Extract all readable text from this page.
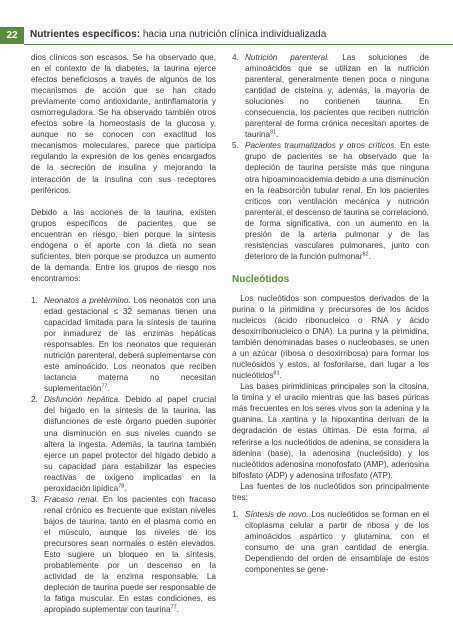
22	Nutrientes específicos: hacia una nutrición clínica individualizada

dios clínicos son escasos. Se ha observado que, en el contexto de la diabetes, la taurina ejerce efectos beneficiosos a través de algunos de los mecanismos de acción que se han citado previamente como antioxidante, antinflamatoria y osmorreguladora. Se ha observado también otros efectos sobre la homeostasis de la glucosa y, aunque no se conocen con exactitud los mecanismos moleculares, parece que participa regulando la expresión de los genes encargados de la secreción de insulina y mejorando la interacción de la insulina con sus receptores periféricos.

Debido a las acciones de la taurina, existen grupos específicos de pacientes que se encuentran en riesgo, bien porque la síntesis endógena o el aporte con la dieta no sean suficientes, bien porque se produzca un aumento de la demanda. Entre los grupos de riesgo nos encontramos:

1. Neonatos a pretérmino. Los neonatos con una edad gestacional ≤ 32 semanas tienen una capacidad limitada para la síntesis de taurina por inmadurez de las enzimas hepáticas responsables. En los neonatos que requieran nutrición parenteral, deberá suplementarse con este aminoácido. Los neonatos que reciben lactancia materna no necesitan suplementación$^{77}$.
2. Disfunción hepática. Debido al papel crucial del hígado en la síntesis de la taurina, las disfunciones de este órgano pueden suponer una disminución en sus niveles cuando se altera la ingesta. Además, la taurina también ejerce un papel protector del hígado debido a su capacidad para estabilizar las especies reactivas de oxígeno implicadas en la peroxidación lipídica$^{78}$.
3. Fracaso renal. En los pacientes con fracaso renal crónico es frecuente que existan niveles bajos de taurina, tanto en el plasma como en el músculo, aunque los niveles de los precursores sean normales o estén elevados. Esto sugiere un bloqueo en la síntesis, probablemente por un descenso en la actividad de la enzima responsable. La depleción de taurina puede ser responsable de la fatiga muscular. En estas condiciones, es apropiado suplementar con taurina$^{77}$.
4. Nutrición parenteral. Las soluciones de aminoácidos que se utilizan en la nutrición parenteral, generalmente tienen poca o ninguna cantidad de cisteína y, además, la mayoría de soluciones no contienen taurina. En consecuencia, los pacientes que reciben nutrición parenteral de forma crónica necesitan aportes de taurina$^{81}$.
5. Pacientes traumatizados y otros críticos. En este grupo de pacientes se ha observado que la depleción de taurina persiste más que ninguna otra hipoaminoacidemia debido a una disminución en la reabsorción tubular renal. En los pacientes críticos con ventilación mecánica y nutrición parenteral, el descenso de taurina se correlacionó, de forma significativa, con un aumento en la presión de la arteria pulmonar y de las resistencias vasculares pulmonares, junto con deterioro de la función pulmonar$^{82}$.
Nucleótidos

 Los nucleótidos son compuestos derivados de la purina o la pirimidina y precursores de los ácidos nucleicos (ácido ribonucleico o RNA y ácido desoxirribonucleico o DNA). La purina y la pirimidina, también denominadas bases o nucleobases, se unen a un azúcar (ribosa o desoxirribosa) para formar los nucleósidos y estos, al fosforilarse, dan lugar a los nucleótidos$^{81}$.

 Las bases pirimidínicas principales son la citosina, la timina y el uracilo mientras que las bases púricas más frecuentes en los seres vivos son la adenina y la guanina. La xantina y la hipoxantina derivan de la degradación de estas últimas. De esta forma, al referirse a los nucleótidos de adenina, se considera la adenina (base), la adenosina (nucleósido) y los nucleótidos adenosina monofosfato (AMP), adenosina bifosfato (ADP) y adenosina trifosfato (ATP).

 Las fuentes de los nucleótidos son principalmente tres:

1. Síntesis de novo. Los nucleótidos se forman en el citoplasma celular a partir de ribosa y de los aminoácidos aspártico y glutamina, con el consumo de una gran cantidad de energía. Dependiendo del orden de ensamblaje de estos componentes se gene-
